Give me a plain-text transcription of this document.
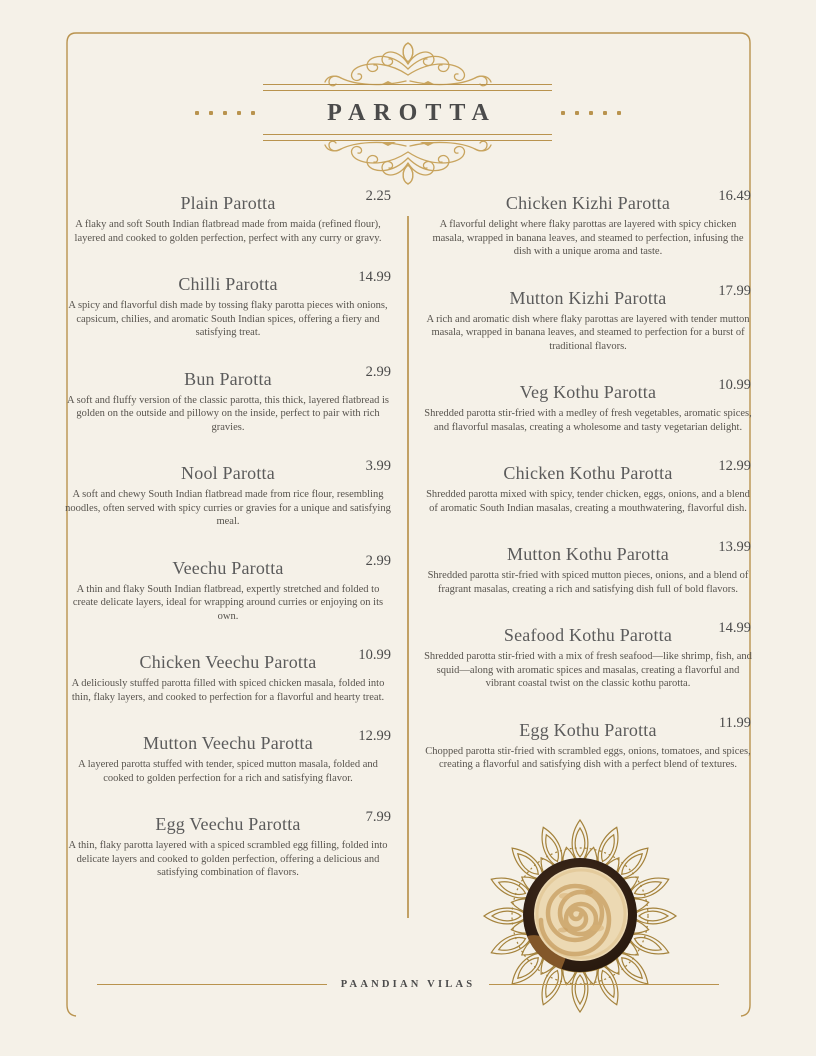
PAROTTA
Plain Parotta	2.25

A flaky and soft South Indian flatbread made from maida (refined flour), layered and cooked to golden perfection, perfect with any curry or gravy.

Chilli Parotta	14.99

A spicy and flavorful dish made by tossing flaky parotta pieces with onions, capsicum, chilies, and aromatic South Indian spices, offering a fiery and satisfying treat.

Bun Parotta	2.99

A soft and fluffy version of the classic parotta, this thick, layered flatbread is golden on the outside and pillowy on the inside, perfect to pair with rich gravies.

Nool Parotta	3.99

A soft and chewy South Indian flatbread made from rice flour, resembling noodles, often served with spicy curries or gravies for a unique and satisfying meal.

Veechu Parotta	2.99

A thin and flaky South Indian flatbread, expertly stretched and folded to create delicate layers, ideal for wrapping around curries or enjoying on its own.

Chicken Veechu Parotta	10.99

A deliciously stuffed parotta filled with spiced chicken masala, folded into thin, flaky layers, and cooked to perfection for a flavorful and hearty treat.

Mutton Veechu Parotta	12.99

A layered parotta stuffed with tender, spiced mutton masala, folded and cooked to golden perfection for a rich and satisfying flavor.

Egg Veechu Parotta	7.99

A thin, flaky parotta layered with a spiced scrambled egg filling, folded into delicate layers and cooked to golden perfection, offering a delicious and satisfying combination of flavors.

Chicken Kizhi Parotta	16.49

A flavorful delight where flaky parottas are layered with spicy chicken masala, wrapped in banana leaves, and steamed to perfection, infusing the dish with a unique aroma and taste.

Mutton Kizhi Parotta	17.99

A rich and aromatic dish where flaky parottas are layered with tender mutton masala, wrapped in banana leaves, and steamed to perfection for a burst of traditional flavors.

Veg Kothu Parotta	10.99

Shredded parotta stir-fried with a medley of fresh vegetables, aromatic spices, and flavorful masalas, creating a wholesome and tasty vegetarian delight.

Chicken Kothu Parotta	12.99

Shredded parotta mixed with spicy, tender chicken, eggs, onions, and a blend of aromatic South Indian masalas, creating a mouthwatering, flavorful dish.

Mutton Kothu Parotta	13.99

Shredded parotta stir-fried with spiced mutton pieces, onions, and a blend of fragrant masalas, creating a rich and satisfying dish full of bold flavors.

Seafood Kothu Parotta	14.99

Shredded parotta stir-fried with a mix of fresh seafood—like shrimp, fish, and squid—along with aromatic spices and masalas, creating a flavorful and vibrant coastal twist on the classic kothu parotta.

Egg Kothu Parotta	11.99

Chopped parotta stir-fried with scrambled eggs, onions, tomatoes, and spices, creating a flavorful and satisfying dish with a perfect blend of textures.

PAANDIAN VILAS
